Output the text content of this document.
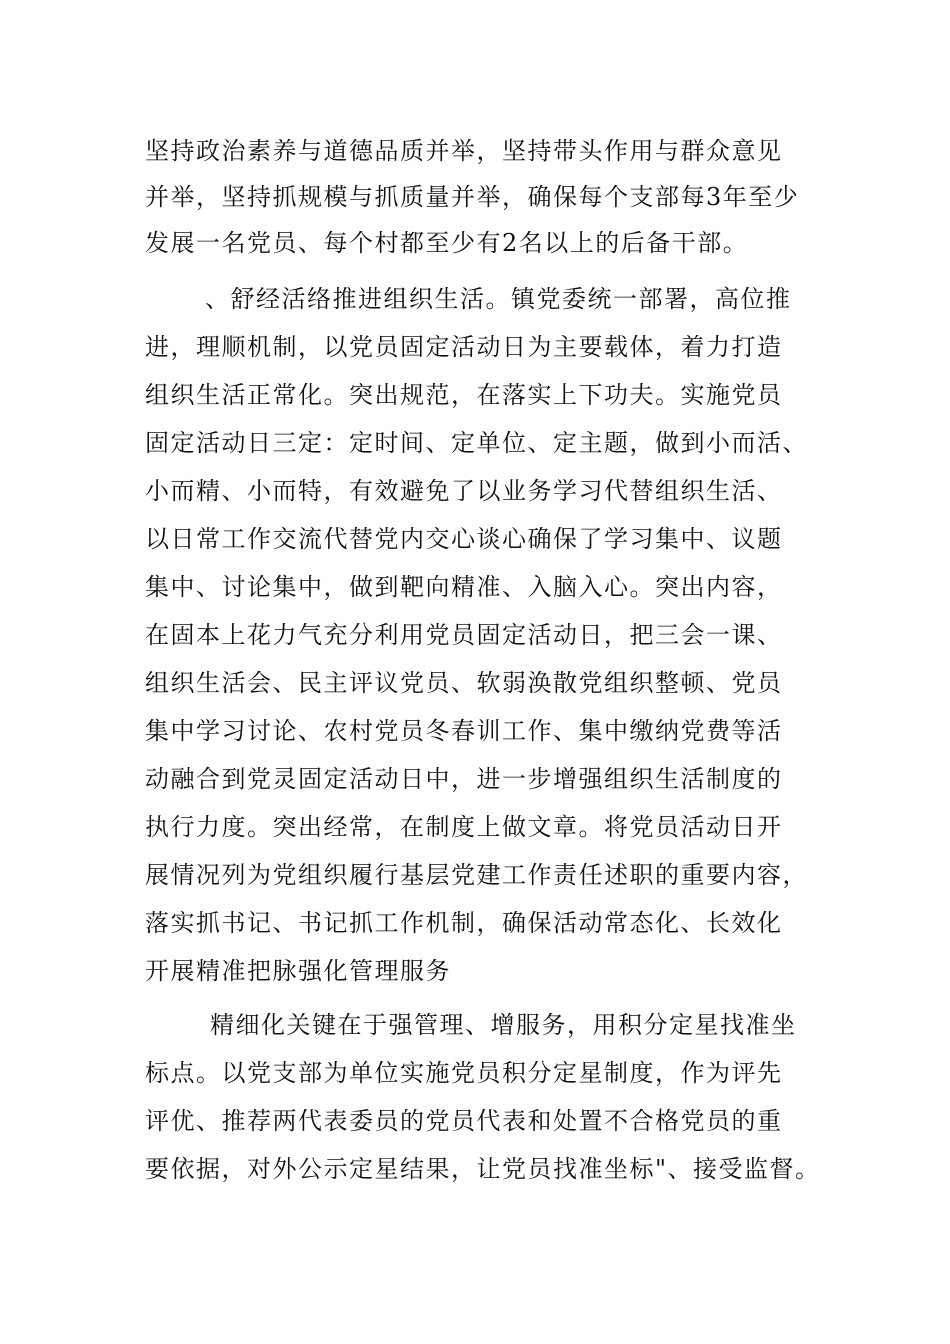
坚持政治素养与道德品质并举，坚持带头作用与群众意见
并举，坚持抓规模与抓质量并举，确保每个支部每3年至少
发展一名党员、每个村都至少有2名以上的后备干部。
、舒经活络推进组织生活。镇党委统一部署，高位推
进，理顺机制，以党员固定活动日为主要载体，着力打造
组织生活正常化。突出规范，在落实上下功夫。实施党员
固定活动日三定：定时间、定单位、定主题，做到小而活、
小而精、小而特，有效避免了以业务学习代替组织生活、
以日常工作交流代替党内交心谈心确保了学习集中、议题
集中、讨论集中，做到靶向精准、入脑入心。突出内容，
在固本上花力气充分利用党员固定活动日，把三会一课、
组织生活会、民主评议党员、软弱涣散党组织整顿、党员
集中学习讨论、农村党员冬春训工作、集中缴纳党费等活
动融合到党灵固定活动日中，进一步增强组织生活制度的
执行力度。突出经常，在制度上做文章。将党员活动日开
展情况列为党组织履行基层党建工作责任述职的重要内容，
落实抓书记、书记抓工作机制，确保活动常态化、长效化
开展精准把脉强化管理服务
精细化关键在于强管理、增服务，用积分定星找准坐
标点。以党支部为单位实施党员积分定星制度，作为评先
评优、推荐两代表委员的党员代表和处置不合格党员的重
要依据，对外公示定星结果，让党员找准坐标"、接受监督。
